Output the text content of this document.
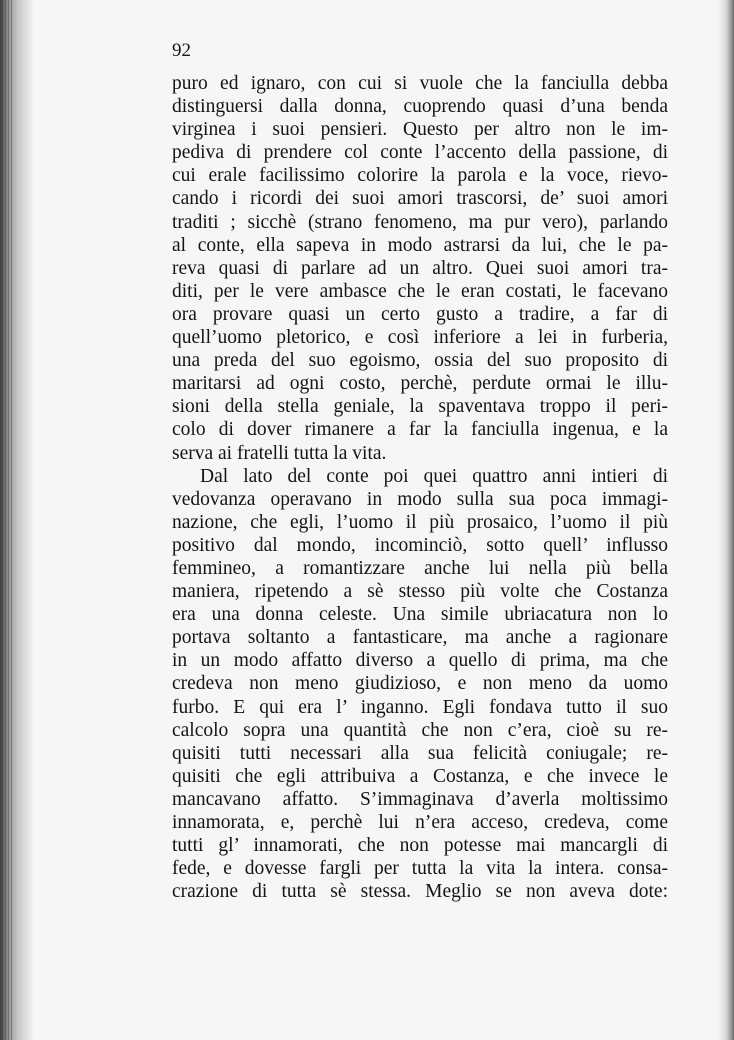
92
puro ed ignaro, con cui si vuole che la fanciulla debba
distinguersi dalla donna, cuoprendo quasi d’una benda
virginea i suoi pensieri. Questo per altro non le im-
pediva di prendere col conte l’accento della passione, di
cui erale facilissimo colorire la parola e la voce, rievo-
cando i ricordi dei suoi amori trascorsi, de’ suoi amori
traditi ; sicchè (strano fenomeno, ma pur vero), parlando
al conte, ella sapeva in modo astrarsi da lui, che le pa-
reva quasi di parlare ad un altro. Quei suoi amori tra-
diti, per le vere ambasce che le eran costati, le facevano
ora provare quasi un certo gusto a tradire, a far di
quell’uomo pletorico, e così inferiore a lei in furberia,
una preda del suo egoismo, ossia del suo proposito di
maritarsi ad ogni costo, perchè, perdute ormai le illu-
sioni della stella geniale, la spaventava troppo il peri-
colo di dover rimanere a far la fanciulla ingenua, e la
serva ai fratelli tutta la vita.
Dal lato del conte poi quei quattro anni intieri di
vedovanza operavano in modo sulla sua poca immagi-
nazione, che egli, l’uomo il più prosaico, l’uomo il più
positivo dal mondo, incominciò, sotto quell’ influsso
femmineo, a romantizzare anche lui nella più bella
maniera, ripetendo a sè stesso più volte che Costanza
era una donna celeste. Una simile ubriacatura non lo
portava soltanto a fantasticare, ma anche a ragionare
in un modo affatto diverso a quello di prima, ma che
credeva non meno giudizioso, e non meno da uomo
furbo. E qui era l’ inganno. Egli fondava tutto il suo
calcolo sopra una quantità che non c’era, cioè su re-
quisiti tutti necessari alla sua felicità coniugale; re-
quisiti che egli attribuiva a Costanza, e che invece le
mancavano affatto. S’immaginava d’averla moltissimo
innamorata, e, perchè lui n’era acceso, credeva, come
tutti gl’ innamorati, che non potesse mai mancargli di
fede, e dovesse fargli per tutta la vita la intera. consa-
crazione di tutta sè stessa. Meglio se non aveva dote:
